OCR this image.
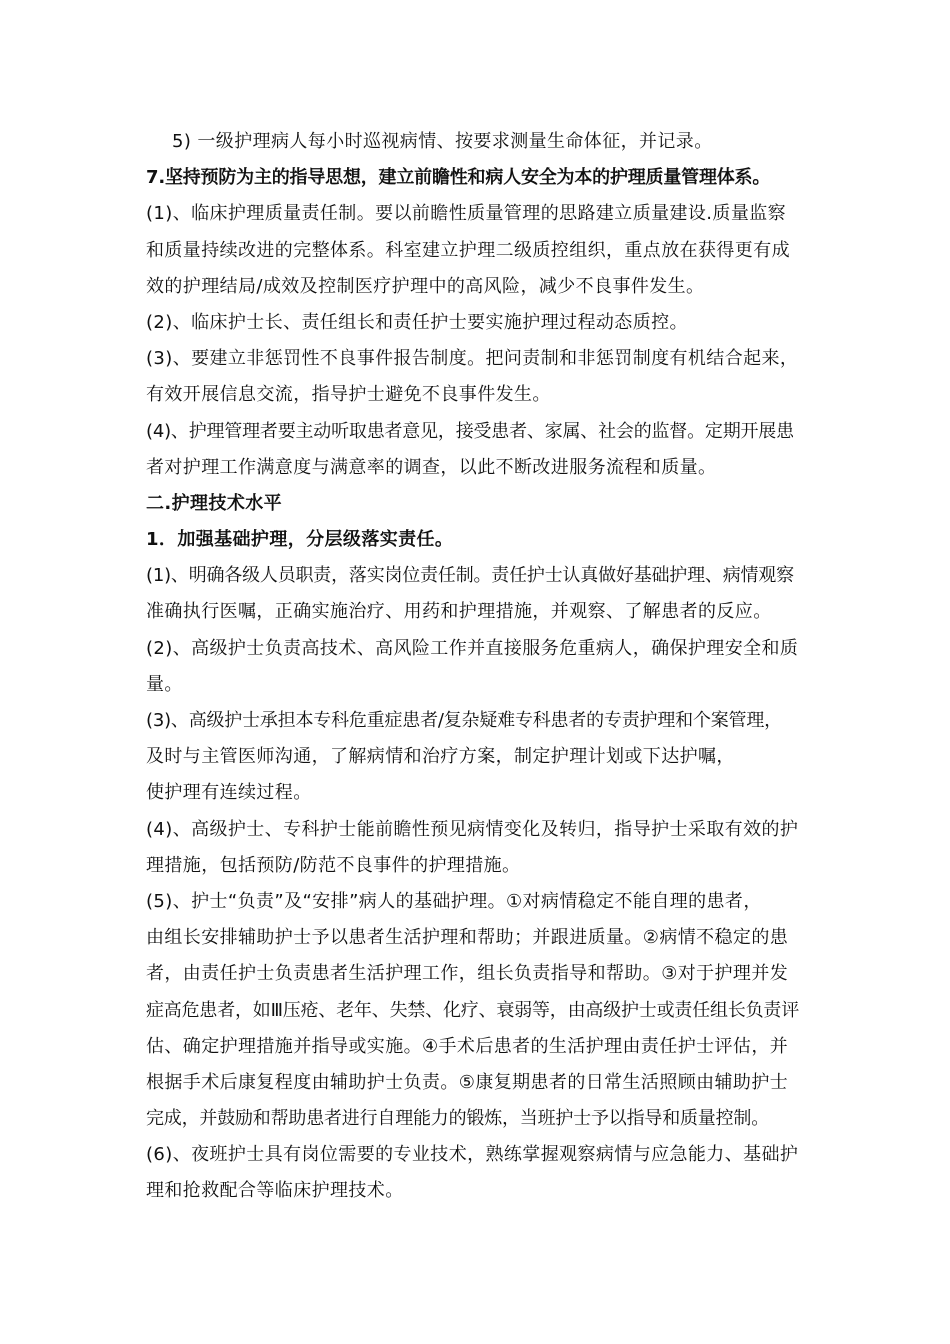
5) 一级护理病人每小时巡视病情、按要求测量生命体征，并记录。
7.坚持预防为主的指导思想，建立前瞻性和病人安全为本的护理质量管理体系。
(1)、临床护理质量责任制。要以前瞻性质量管理的思路建立质量建设.质量监察
和质量持续改进的完整体系。科室建立护理二级质控组织，重点放在获得更有成
效的护理结局/成效及控制医疗护理中的高风险，减少不良事件发生。
(2)、临床护士长、责任组长和责任护士要实施护理过程动态质控。
(3)、要建立非惩罚性不良事件报告制度。把问责制和非惩罚制度有机结合起来，
有效开展信息交流，指导护士避免不良事件发生。
(4)、护理管理者要主动听取患者意见，接受患者、家属、社会的监督。定期开展患
者对护理工作满意度与满意率的调查，以此不断改进服务流程和质量。
二.护理技术水平
1．加强基础护理，分层级落实责任。
(1)、明确各级人员职责，落实岗位责任制。责任护士认真做好基础护理、病情观察
准确执行医嘱，正确实施治疗、用药和护理措施，并观察、了解患者的反应。
(2)、高级护士负责高技术、高风险工作并直接服务危重病人，确保护理安全和质
量。
(3)、高级护士承担本专科危重症患者/复杂疑难专科患者的专责护理和个案管理，
及时与主管医师沟通，了解病情和治疗方案，制定护理计划或下达护嘱，
使护理有连续过程。
(4)、高级护士、专科护士能前瞻性预见病情变化及转归，指导护士采取有效的护
理措施，包括预防/防范不良事件的护理措施。
(5)、护士“负责”及“安排”病人的基础护理。①对病情稳定不能自理的患者，
由组长安排辅助护士予以患者生活护理和帮助；并跟进质量。②病情不稳定的患
者，由责任护士负责患者生活护理工作，组长负责指导和帮助。③对于护理并发
症高危患者，如Ⅲ压疮、老年、失禁、化疗、衰弱等，由高级护士或责任组长负责评
估、确定护理措施并指导或实施。④手术后患者的生活护理由责任护士评估，并
根据手术后康复程度由辅助护士负责。⑤康复期患者的日常生活照顾由辅助护士
完成，并鼓励和帮助患者进行自理能力的锻炼，当班护士予以指导和质量控制。
(6)、夜班护士具有岗位需要的专业技术，熟练掌握观察病情与应急能力、基础护
理和抢救配合等临床护理技术。
